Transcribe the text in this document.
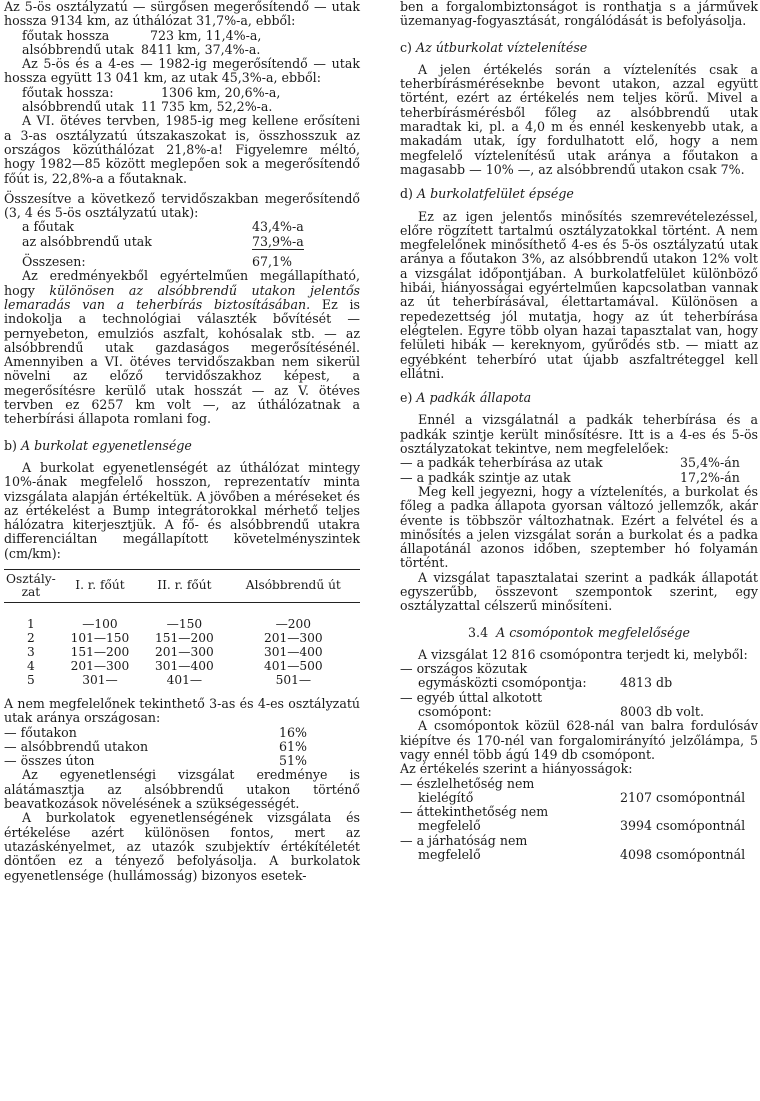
Az 5-ös osztályzatú — sürgősen megerősítendő — utak hossza 9134 km, az úthálózat 31,7%-a, ebből:

főutak hossza	723 km, 11,4%-a,
alsóbbrendű utak 8411 km, 37,4%-a.

Az 5-ös és a 4-es — 1982-ig megerősítendő — utak hossza együtt 13 041 km, az utak 45,3%-a, ebből:

főutak hossza:	1306 km, 20,6%-a,
alsóbbrendű utak 11 735 km, 52,2%-a.

A VI. ötéves tervben, 1985-ig meg kellene erősíteni a 3-as osztályzatú útszakaszokat is, összhosszuk az országos közúthálózat 21,8%-a! Figyelemre méltó, hogy 1982—85 között meglepően sok a megerősítendő főút is, 22,8%-a a főutaknak.

Összesítve a következő tervidőszakban megerősítendő (3, 4 és 5-ös osztályzatú utak):

a főutak	43,4%-a
az alsóbbrendű utak	73,9%-a
Összesen:	67,1%

Az eredményekből egyértelműen megállapítható, hogy különösen az alsóbbrendű utakon jelentős lemaradás van a teherbírás biztosításában. Ez is indokolja a technológiai választék bővítését — pernyebeton, emulziós aszfalt, kohósalak stb. — az alsóbbrendű utak gazdaságos megerősítésénél. Amennyiben a VI. ötéves tervidőszakban nem sikerül növelni az előző tervidőszakhoz képest, a megerősítésre kerülő utak hosszát — az V. ötéves tervben ez 6257 km volt —, az úthálózatnak a teherbírási állapota romlani fog.

b) A burkolat egyenetlensége

A burkolat egyenetlenségét az úthálózat mintegy 10%-ának megfelelő hosszon, reprezentatív minta vizsgálata alapján értékeltük. A jövőben a méréseket és az értékelést a Bump integrátorokkal mérhető teljes hálózatra kiterjesztjük. A fő- és alsóbbrendű utakra differenciáltan megállapított követelményszintek (cm/km):

Osztály-
zat	I. r. főút	II. r. főút	Alsóbbrendű út
1	—100	—150	—200
2	101—150	151—200	201—300
3	151—200	201—300	301—400
4	201—300	301—400	401—500
5	301—	401—	501—

A nem megfelelőnek tekinthető 3-as és 4-es osztályzatú utak aránya országosan:

— főutakon	16%
— alsóbbrendű utakon	61%
— összes úton	51%

Az egyenetlenségi vizsgálat eredménye is alátámasztja az alsóbbrendű utakon történő beavatkozások növelésének a szükségességét.

A burkolatok egyenetlenségének vizsgálata és értékelése azért különösen fontos, mert az utazáskényelmet, az utazók szubjektív értékítéletét döntően ez a tényező befolyásolja. A burkolatok egyenetlensége (hullámosság) bizonyos esetek-

ben a forgalombiztonságot is ronthatja s a járművek üzemanyag-fogyasztását, rongálódását is befolyásolja.

c) Az útburkolat víztelenítése

A jelen értékelés során a víztelenítés csak a teherbírásméréseknbe bevont utakon, azzal együtt történt, ezért az értékelés nem teljes körű. Mivel a teherbírásmérésből főleg az alsóbbrendű utak maradtak ki, pl. a 4,0 m és ennél keskenyebb utak, a makadám utak, így fordulhatott elő, hogy a nem megfelelő víztelenítésű utak aránya a főutakon a magasabb — 10% —, az alsóbbrendű utakon csak 7%.

d) A burkolatfelület épsége

Ez az igen jelentős minősítés szemrevételezéssel, előre rögzített tartalmú osztályzatokkal történt. A nem megfelelőnek minősíthető 4-es és 5-ös osztályzatú utak aránya a főutakon 3%, az alsóbbrendű utakon 12% volt a vizsgálat időpontjában. A burkolatfelület különböző hibái, hiányosságai egyértelműen kapcsolatban vannak az út teherbírásával, élettartamával. Különösen a repedezettség jól mutatja, hogy az út teherbírása elégtelen. Egyre több olyan hazai tapasztalat van, hogy felületi hibák — kereknyom, gyűrődés stb. — miatt az egyébként teherbíró utat újabb aszfaltréteggel kell ellátni.

e) A padkák állapota

Ennél a vizsgálatnál a padkák teherbírása és a padkák szintje került minősítésre. Itt is a 4-es és 5-ös osztályzatokat tekintve, nem megfelelőek:

— a padkák teherbírása az utak	35,4%-án
— a padkák szintje az utak	17,2%-án

Meg kell jegyezni, hogy a víztelenítés, a burkolat és főleg a padka állapota gyorsan változó jellemzők, akár évente is többször változhatnak. Ezért a felvétel és a minősítés a jelen vizsgálat során a burkolat és a padka állapotánál azonos időben, szeptember hó folyamán történt.

A vizsgálat tapasztalatai szerint a padkák állapotát egyszerűbb, összevont szempontok szerint, egy osztályzattal célszerű minősíteni.

3.4 A csomópontok megfelelősége

A vizsgálat 12 816 csomópontra terjedt ki, melyből:

— országos közutak
egymásközti csomópontja:	4813 db
— egyéb úttal alkotott
csomópont:	8003 db volt.

A csomópontok közül 628-nál van balra fordulósáv kiépítve és 170-nél van forgalomirányító jelzőlámpa, 5 vagy ennél több ágú 149 db csomópont.

Az értékelés szerint a hiányosságok:

— észlelhetőség nem
kielégítő	2107 csomópontnál
— áttekinthetőség nem
megfelelő	3994 csomópontnál
— a járhatóság nem
megfelelő	4098 csomópontnál
